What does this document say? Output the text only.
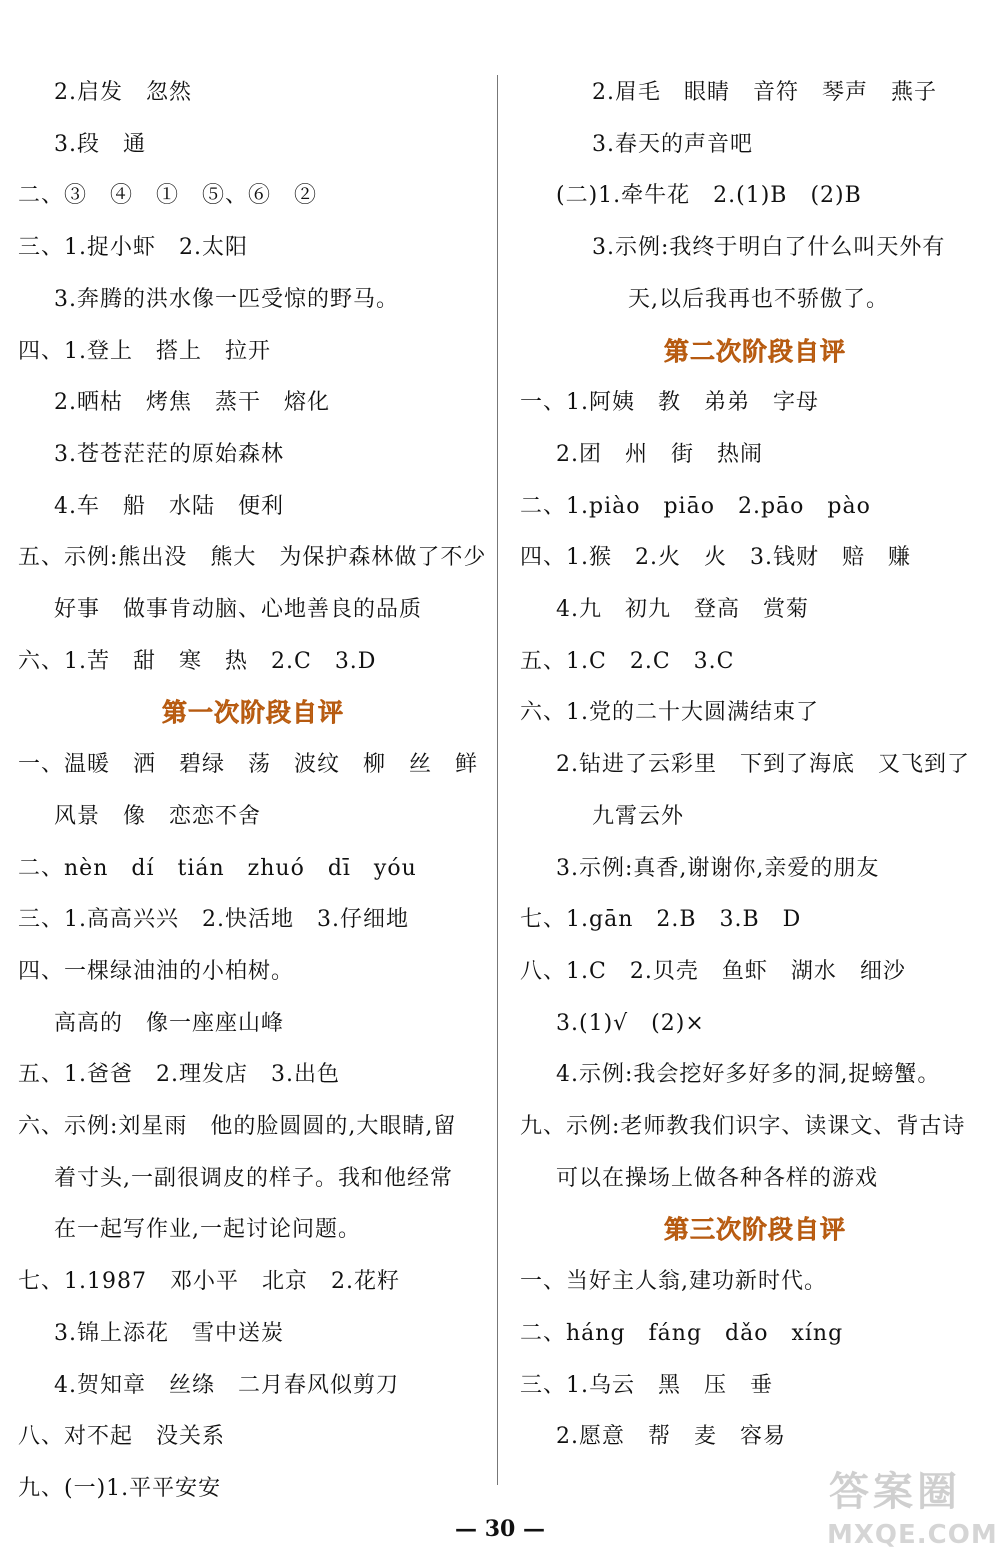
2.启发　忽然
3.段　通
二、③　④　①　⑤、⑥　②
三、1.捉小虾　2.太阳
3.奔腾的洪水像一匹受惊的野马。
四、1.登上　搭上　拉开
2.晒枯　烤焦　蒸干　熔化
3.苍苍茫茫的原始森林
4.车　船　水陆　便利
五、示例:熊出没　熊大　为保护森林做了不少
好事　做事肯动脑、心地善良的品质
六、1.苦　甜　寒　热　2.C　3.D
第一次阶段自评
一、温暖　洒　碧绿　荡　波纹　柳　丝　鲜
风景　像　恋恋不舍
二、nèn　dí　tián　zhuó　dī　yóu
三、1.高高兴兴　2.快活地　3.仔细地
四、一棵绿油油的小柏树。
高高的　像一座座山峰
五、1.爸爸　2.理发店　3.出色
六、示例:刘星雨　他的脸圆圆的,大眼睛,留
着寸头,一副很调皮的样子。我和他经常
在一起写作业,一起讨论问题。
七、1.1987　邓小平　北京　2.花籽
3.锦上添花　雪中送炭
4.贺知章　丝绦　二月春风似剪刀
八、对不起　没关系
九、(一)1.平平安安
2.眉毛　眼睛　音符　琴声　燕子
3.春天的声音吧
(二)1.牵牛花　2.(1)B　(2)B
3.示例:我终于明白了什么叫天外有
天,以后我再也不骄傲了。
第二次阶段自评
一、1.阿姨　教　弟弟　字母
2.团　州　街　热闹
二、1.piào　piāo　2.pāo　pào
四、1.猴　2.火　火　3.钱财　赔　赚
4.九　初九　登高　赏菊
五、1.C　2.C　3.C
六、1.党的二十大圆满结束了
2.钻进了云彩里　下到了海底　又飞到了
九霄云外
3.示例:真香,谢谢你,亲爱的朋友
七、1.gān　2.B　3.B　D
八、1.C　2.贝壳　鱼虾　湖水　细沙
3.(1)√　(2)×
4.示例:我会挖好多好多的洞,捉螃蟹。
九、示例:老师教我们识字、读课文、背古诗
可以在操场上做各种各样的游戏
第三次阶段自评
一、当好主人翁,建功新时代。
二、háng　fáng　dǎo　xíng
三、1.乌云　黑　压　垂
2.愿意　帮　麦　容易
— 30 —
答案圈
MXQE.COM
